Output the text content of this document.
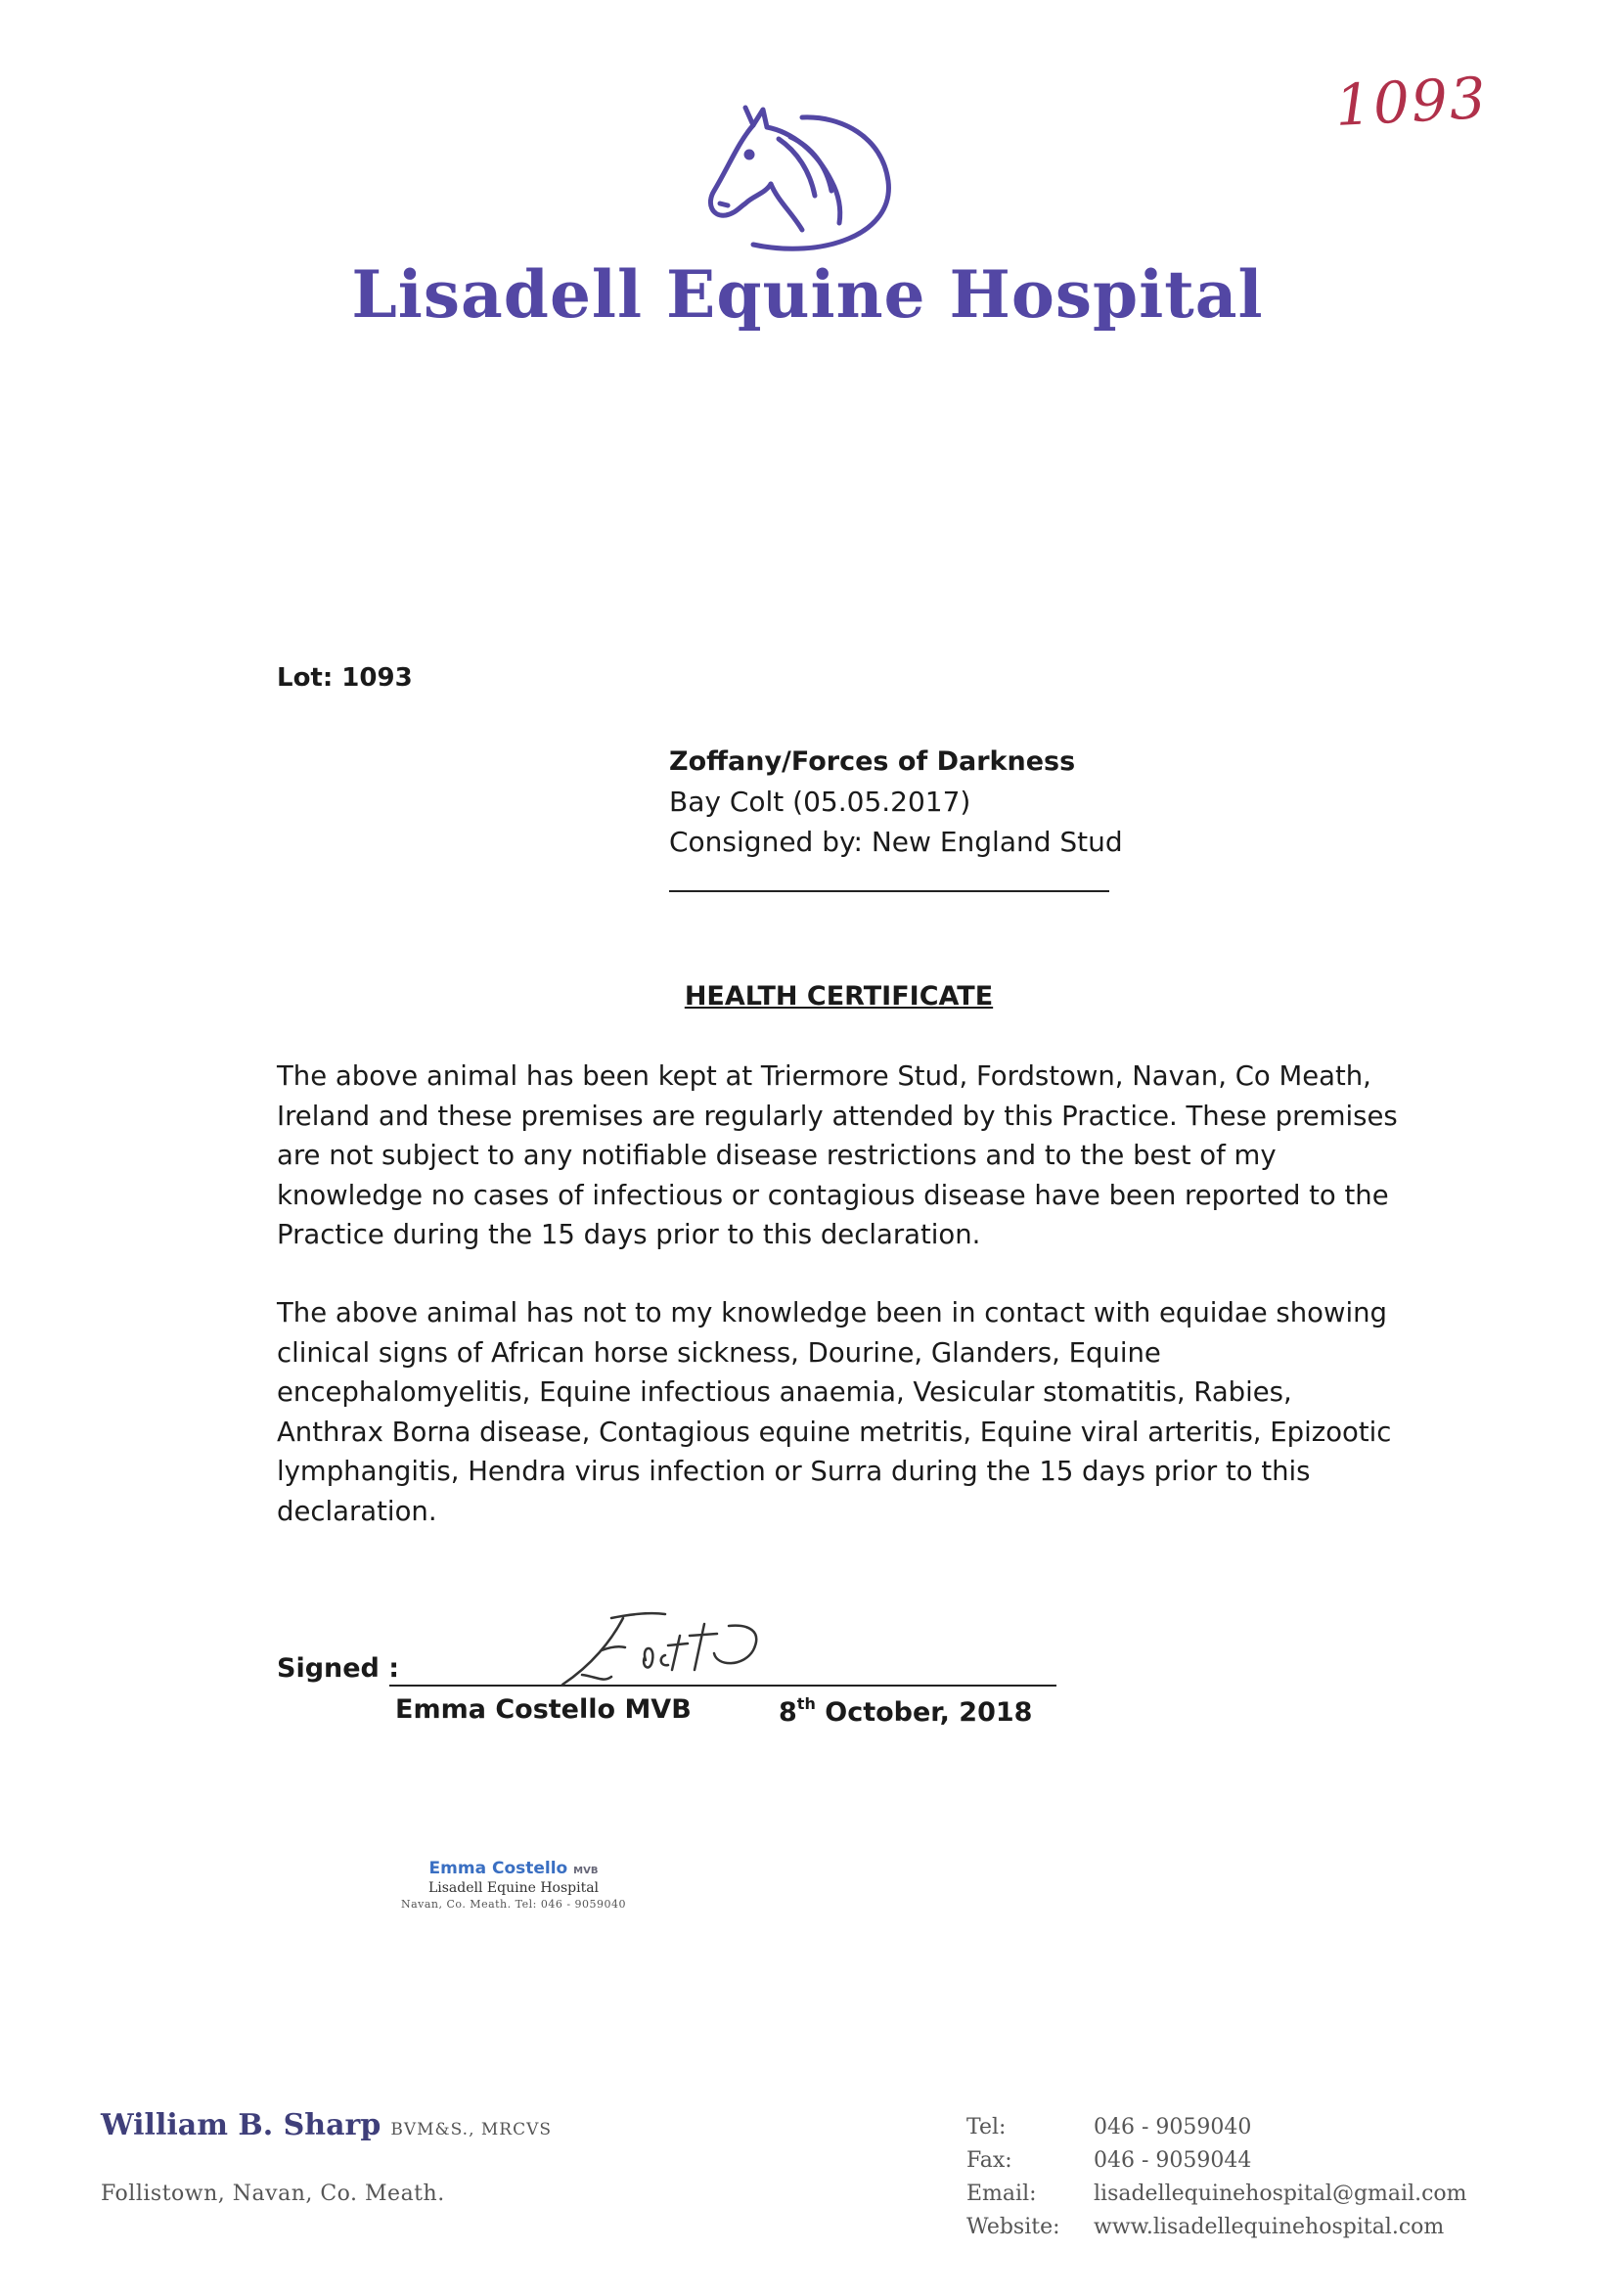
1093
Lisadell Equine Hospital
Lot: 1093
Zoffany/Forces of Darkness
Bay Colt (05.05.2017)
Consigned by: New England Stud
HEALTH CERTIFICATE

The above animal has been kept at Triermore Stud, Fordstown, Navan, Co Meath, Ireland and these premises are regularly attended by this Practice. These premises are not subject to any notifiable disease restrictions and to the best of my knowledge no cases of infectious or contagious disease have been reported to the Practice during the 15 days prior to this declaration.

The above animal has not to my knowledge been in contact with equidae showing clinical signs of African horse sickness, Dourine, Glanders, Equine encephalomyelitis, Equine infectious anaemia, Vesicular stomatitis, Rabies, Anthrax Borna disease, Contagious equine metritis, Equine viral arteritis, Epizootic lymphangitis, Hendra virus infection or Surra during the 15 days prior to this declaration.

Signed :
Emma Costello MVB	8th October, 2018
Emma Costello MVB
Lisadell Equine Hospital
Navan, Co. Meath. Tel: 046 - 9059040
William B. Sharp BVM&S., MRCVS
Follistown, Navan, Co. Meath.
Tel:	046 - 9059040
Fax:	046 - 9059044
Email:	lisadellequinehospital@gmail.com
Website:	www.lisadellequinehospital.com
